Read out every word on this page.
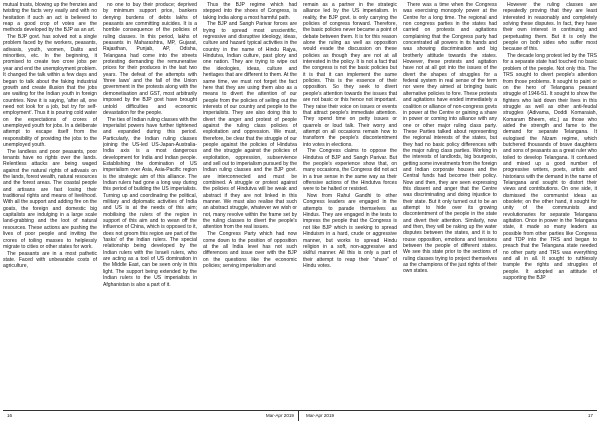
mutual trusts, blowing up the frenzies and twisting the facts very easily and with no hesitation if such an act is believed to reap a good crop of votes are the methods developed by the BJP as an art.

The BJP govt. has solved not a single problem faced by the workers, peasants, adivasis, youth, women, Dalits and minorities, etc. In the beginning, it promised to create two crore jobs per year and end the unemployment problem. It changed the talk within a few days and began to talk about the faking industrial growth and create illusion that the jobs are waiting for the Indian youth in foreign countries. Now it is saying, 'after all, one need not look for a job, but try for self-employment'. Thus it is pouring cold water on the expectations of crores of unemployed youth for jobs. In a deliberate attempt to escape itself from the responsibility of providing the jobs to the unemployed youth.

The landless and poor peasants, poor tenants have no rights over the lands. Relentless attacks are being waged against the natural rights of adivasis on the lands, forest wealth, natural resources and the forest areas. The coastal people and artisans are fast losing their traditional rights and means of livelihood. With all the support and adding fire on the goats, the foreign and domestic big capitalists are indulging in a large scale land-grabbing and the loot of natural resources. These actions are pushing the lives of poor people and inviting the crores of toiling masses to helplessly migrate to cities or other states for work.

The peasants are in a most pathetic state. Faced with unbearable costs of agriculture,

no one to buy their produce; deprived by minimum support price, bankers denying burdens of debts lakhs of peasants are committing suicides. It is a horrible consequence of the policies of ruling classes. In this period, lakhs of peasants in Maharashtra, MP, Gujarat, Rajasthan, Punjab, AP, Odisha, Telangana had come into the streets protesting demanding the remunerative prices for their produces in the last two years. The defeat of the attempts with 'three laws' and the fall of the Union government in the protests along with the demonetisation and GST, most arbitrarily imposed by the BJP govt have brought untold difficulties and economic devastation for the people.

The ties of Indian ruling classes with the imperialist powers have further tightened and expanded during this period. Particularly, the Indian ruling classes joining the US-led US-Japan-Australia-India axis is a most dangerous development for India and Indian people. Establishing the domination of US imperialism over Asia, Asia-Pacific region is the strategic aim of this alliance. The Indian rulers had gone a long way during this period of building the US imperialists. Turning up and coordinating the political, military and diplomatic activities of India and US is at the needs of this aim; mobilising the rulers of the region in support of this aim and to wean off the influence of China, which is opposed to it, does not groom this region are part of the 'tasks' of the Indian rulers. The special relationship being developed by the Indian rulers with the Israeli rulers, who are acting as a tool of US domination in the Middle East, can be seen only in this light. The support being extended by the Indian rulers to the US imperialists in Afghanistan is also a part of it.

Thus the BJP regime which had stepped into the shoes of Congress, is taking India along a most harmful path.

The BJP and Sangh Parivar forces are trying to spread most unscientific, regressive and disruptive ideology, ideas, culture and hazard typical activities in the country in the name of Hindu Rajya, Hindutva, Indian culture, past glory and one nation. They are trying to wipe out the ideologies, ideas, culture and heritages that are different to them. At the same time, we must not forget the fact here that they are using them also as a means to divert the attention of our people from the policies of selling out the interests of our country and people to the imperialists. They are also doing this to divert the anger and protest of people against the ruling class policies of exploitation and oppression. We must, therefore, be clear that the struggle of our people against the policies of Hindutva and the struggle against the policies of exploitation, oppression, subservience and sell out to imperialism pursued by the Indian ruling classes and the BJP govt. are interconnected and must be combined. A struggle or protest against the policies of Hindutva will be weak and abstract if they are not linked in this manner. We must also realise that such an abstract struggle, whatever we wish or not, many revolve within the frame set by the ruling classes to divert the people's attention from the real issues.

The Congress Party which had now come down to the position of opposition at the all India level has not such differences and issue over with the BJP on the questions like the economic policies; serving imperialism and

remain as a partner in the strategic alliance led by the US imperialism. In reality, the BJP govt. is only carrying the policies of congress forward. Therefore, the basic policies never became a point of debate between them. It is for this reason alone the ruling as well as opposition would evade the discussion on these policies as though they are not at all interested in the policy. It is not a fact that the congress is not the basic policies but it is that it can implement the same policies. This is the essence of their opposition. So they seek to divert people's attention towards the issues that are not basic or this hence not important. They raise their voice on issues or events that attract people's immediate attention. They spend time on petty issues or quarrels or loud talk. Their worry and attempt on all occasions remain how to transform the people's discontentment into votes in elections.

The Congress claims to oppose the Hindutva of BJP and Sangh Parivar. But the people's experience show that, on many occasions, the Congress did not act in a true sense in the same way as their offensive actions of the Hindutva forces were to be halted or resisted.

Now from Rahul Gandhi to other Congress leaders are engaged in the attempts to parade themselves as Hindus. They are engaged in the tests to impress the people that the Congress is not like BJP which is seeking to spread Hinduism in a hard, crude or aggressive manner, but works to spread Hindu religion in a soft, non-aggressive and skilful manner. All this is only a part of their attempt to reap their "share" of Hindu votes.

There was a time when the Congress was exercising monopoly power at the Centre for a long time. The regional and non congress parties in the states had carried on protests and agitations complaining that the Congress party had concentrated all powers in its hands and was showing discrimination and big brotherly attitude towards the states. However, these protests and agitation have not at all got into the issues of the divert the shapes of struggles for a federal system in real sense of the term nor were they aimed at bringing basic alternative policies to fore. These protests and agitations have ended immediately a coalition or alliance of non-congress govts in power at the Centre or gaining a share in power or coming into alliance with any one or other major ruling class party. These Parties talked about representing the regional interests of the states, but they had no basic policy differences with the major ruling class parties. Working in the interests of landlords, big bourgeois, getting some investments from the foreign and Indian corporate houses and the Central funds had become their policy. Now and then, they are seen expressing this dissent and anger that the Centre was discriminating and doing injustice to their state. But it only turned out to be an attempt to hide over its growing discontentment of the people in the state and divert their attention. Similarly, now and then, they will be raking up the water disputes between the states, and it is to rouse opposition, emotions and tensions between the people of different states. We see this state prior to the sections of ruling classes trying to project themselves as the champions of the just rights of their own states.

However the ruling classes are repeatedly proving that they are least interested in reasonably and completely solving these disputes. In fact, they have their own interest in continuing and perpetuating them. But it is only the people on both sides who suffer most because of this.

The decade long protest led by the TRS for a separate state had touched no basic problem of the people. Not only this. The TRS sought to divert people's attention from those problems. It sought to paint or on the hero of Telangana peasant struggle of 1946-51. It sought to show the fighters who laid down their lives in this struggle as well as other anti-feudal struggles (Adivama, Doddi Komaraiah, Komaram Bheem, etc.) as those who aided the strength and fame to the demand for separate Telangana. It eulogised the Nizam regime, which butchered thousands of brave daughters and sons of peasants as a great ruler who toiled to develop Telangana. It confused and mixed up a good number of progressive writers, poets, artists and historians with the demand in the name of Telangana and sought to distort their views and contributions. On one side, it dismissed the communist ideas as obsolete; on the other hand, it sought for unity of the communists and revolutionaries for separate Telangana agitation. Once in power in the Telangana state, it made so many leaders as possible from other parties like Congress and TDP into the TRS and began to preach that the Telangana state needed no other party and TRS was everything and all in all. It sought to ruthlessly trample the rights and struggles of people. It adopted an attitude of supporting the BJP

16	Mar-Apr 2019	Mar-Apr 2019	17
